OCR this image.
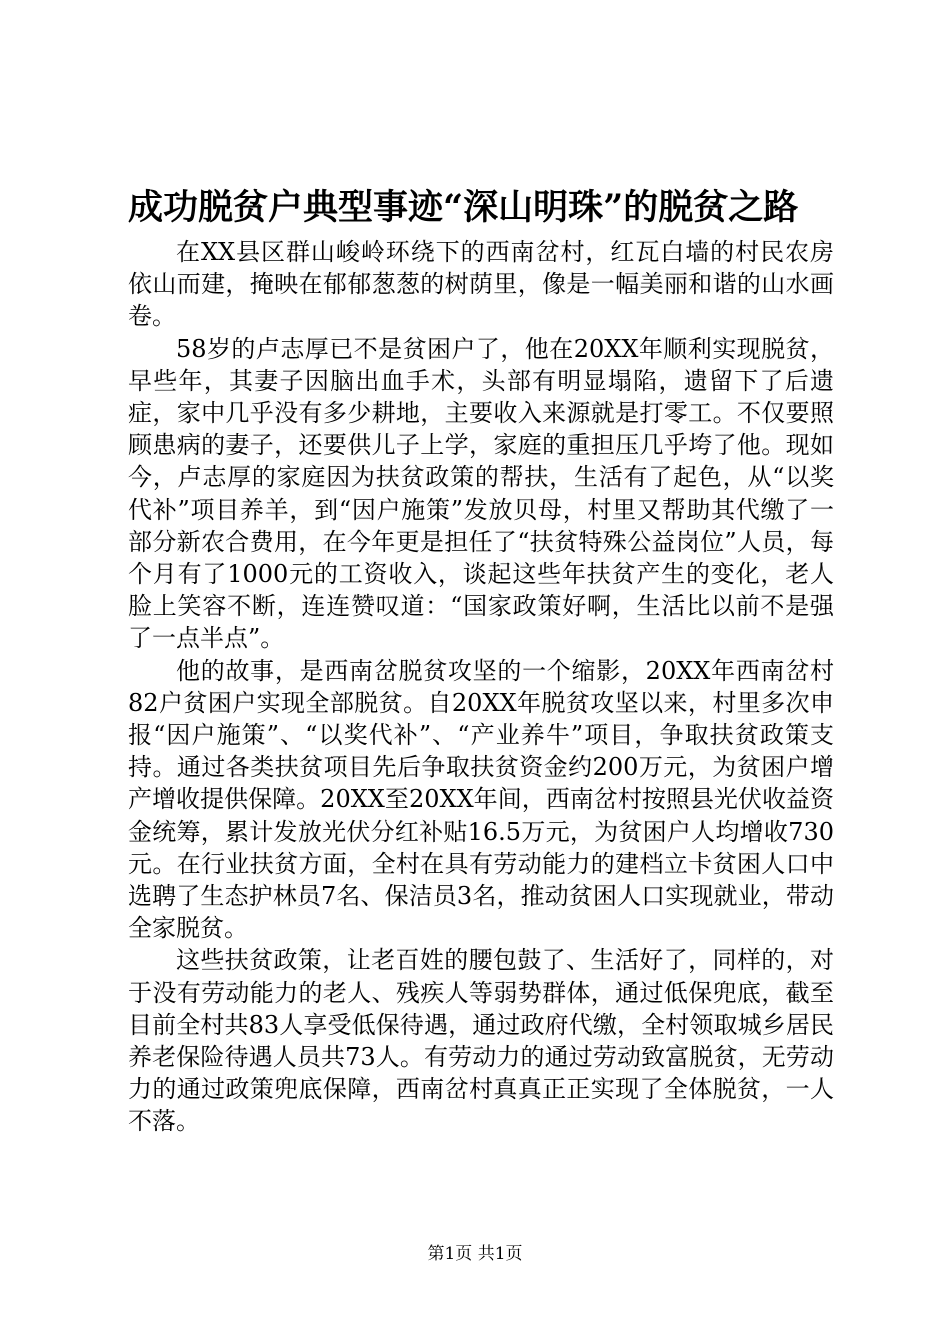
成功脱贫户典型事迹“深山明珠”的脱贫之路

在XX县区群山峻岭环绕下的西南岔村，红瓦白墙的村民农房依山而建，掩映在郁郁葱葱的树荫里，像是一幅美丽和谐的山水画卷。

58岁的卢志厚已不是贫困户了，他在20XX年顺利实现脱贫，早些年，其妻子因脑出血手术，头部有明显塌陷，遗留下了后遗症，家中几乎没有多少耕地，主要收入来源就是打零工。不仅要照顾患病的妻子，还要供儿子上学，家庭的重担压几乎垮了他。现如今，卢志厚的家庭因为扶贫政策的帮扶，生活有了起色，从“以奖代补”项目养羊，到“因户施策”发放贝母，村里又帮助其代缴了一部分新农合费用，在今年更是担任了“扶贫特殊公益岗位”人员，每个月有了1000元的工资收入，谈起这些年扶贫产生的变化，老人脸上笑容不断，连连赞叹道：“国家政策好啊，生活比以前不是强了一点半点”。

他的故事，是西南岔脱贫攻坚的一个缩影，20XX年西南岔村82户贫困户实现全部脱贫。自20XX年脱贫攻坚以来，村里多次申报“因户施策”、“以奖代补”、“产业养牛”项目，争取扶贫政策支持。通过各类扶贫项目先后争取扶贫资金约200万元，为贫困户增产增收提供保障。20XX至20XX年间，西南岔村按照县光伏收益资金统筹，累计发放光伏分红补贴16.5万元，为贫困户人均增收730元。在行业扶贫方面，全村在具有劳动能力的建档立卡贫困人口中选聘了生态护林员7名、保洁员3名，推动贫困人口实现就业，带动全家脱贫。

这些扶贫政策，让老百姓的腰包鼓了、生活好了，同样的，对于没有劳动能力的老人、残疾人等弱势群体，通过低保兜底，截至目前全村共83人享受低保待遇，通过政府代缴，全村领取城乡居民养老保险待遇人员共73人。有劳动力的通过劳动致富脱贫，无劳动力的通过政策兜底保障，西南岔村真真正正实现了全体脱贫，一人不落。

第1页 共1页
